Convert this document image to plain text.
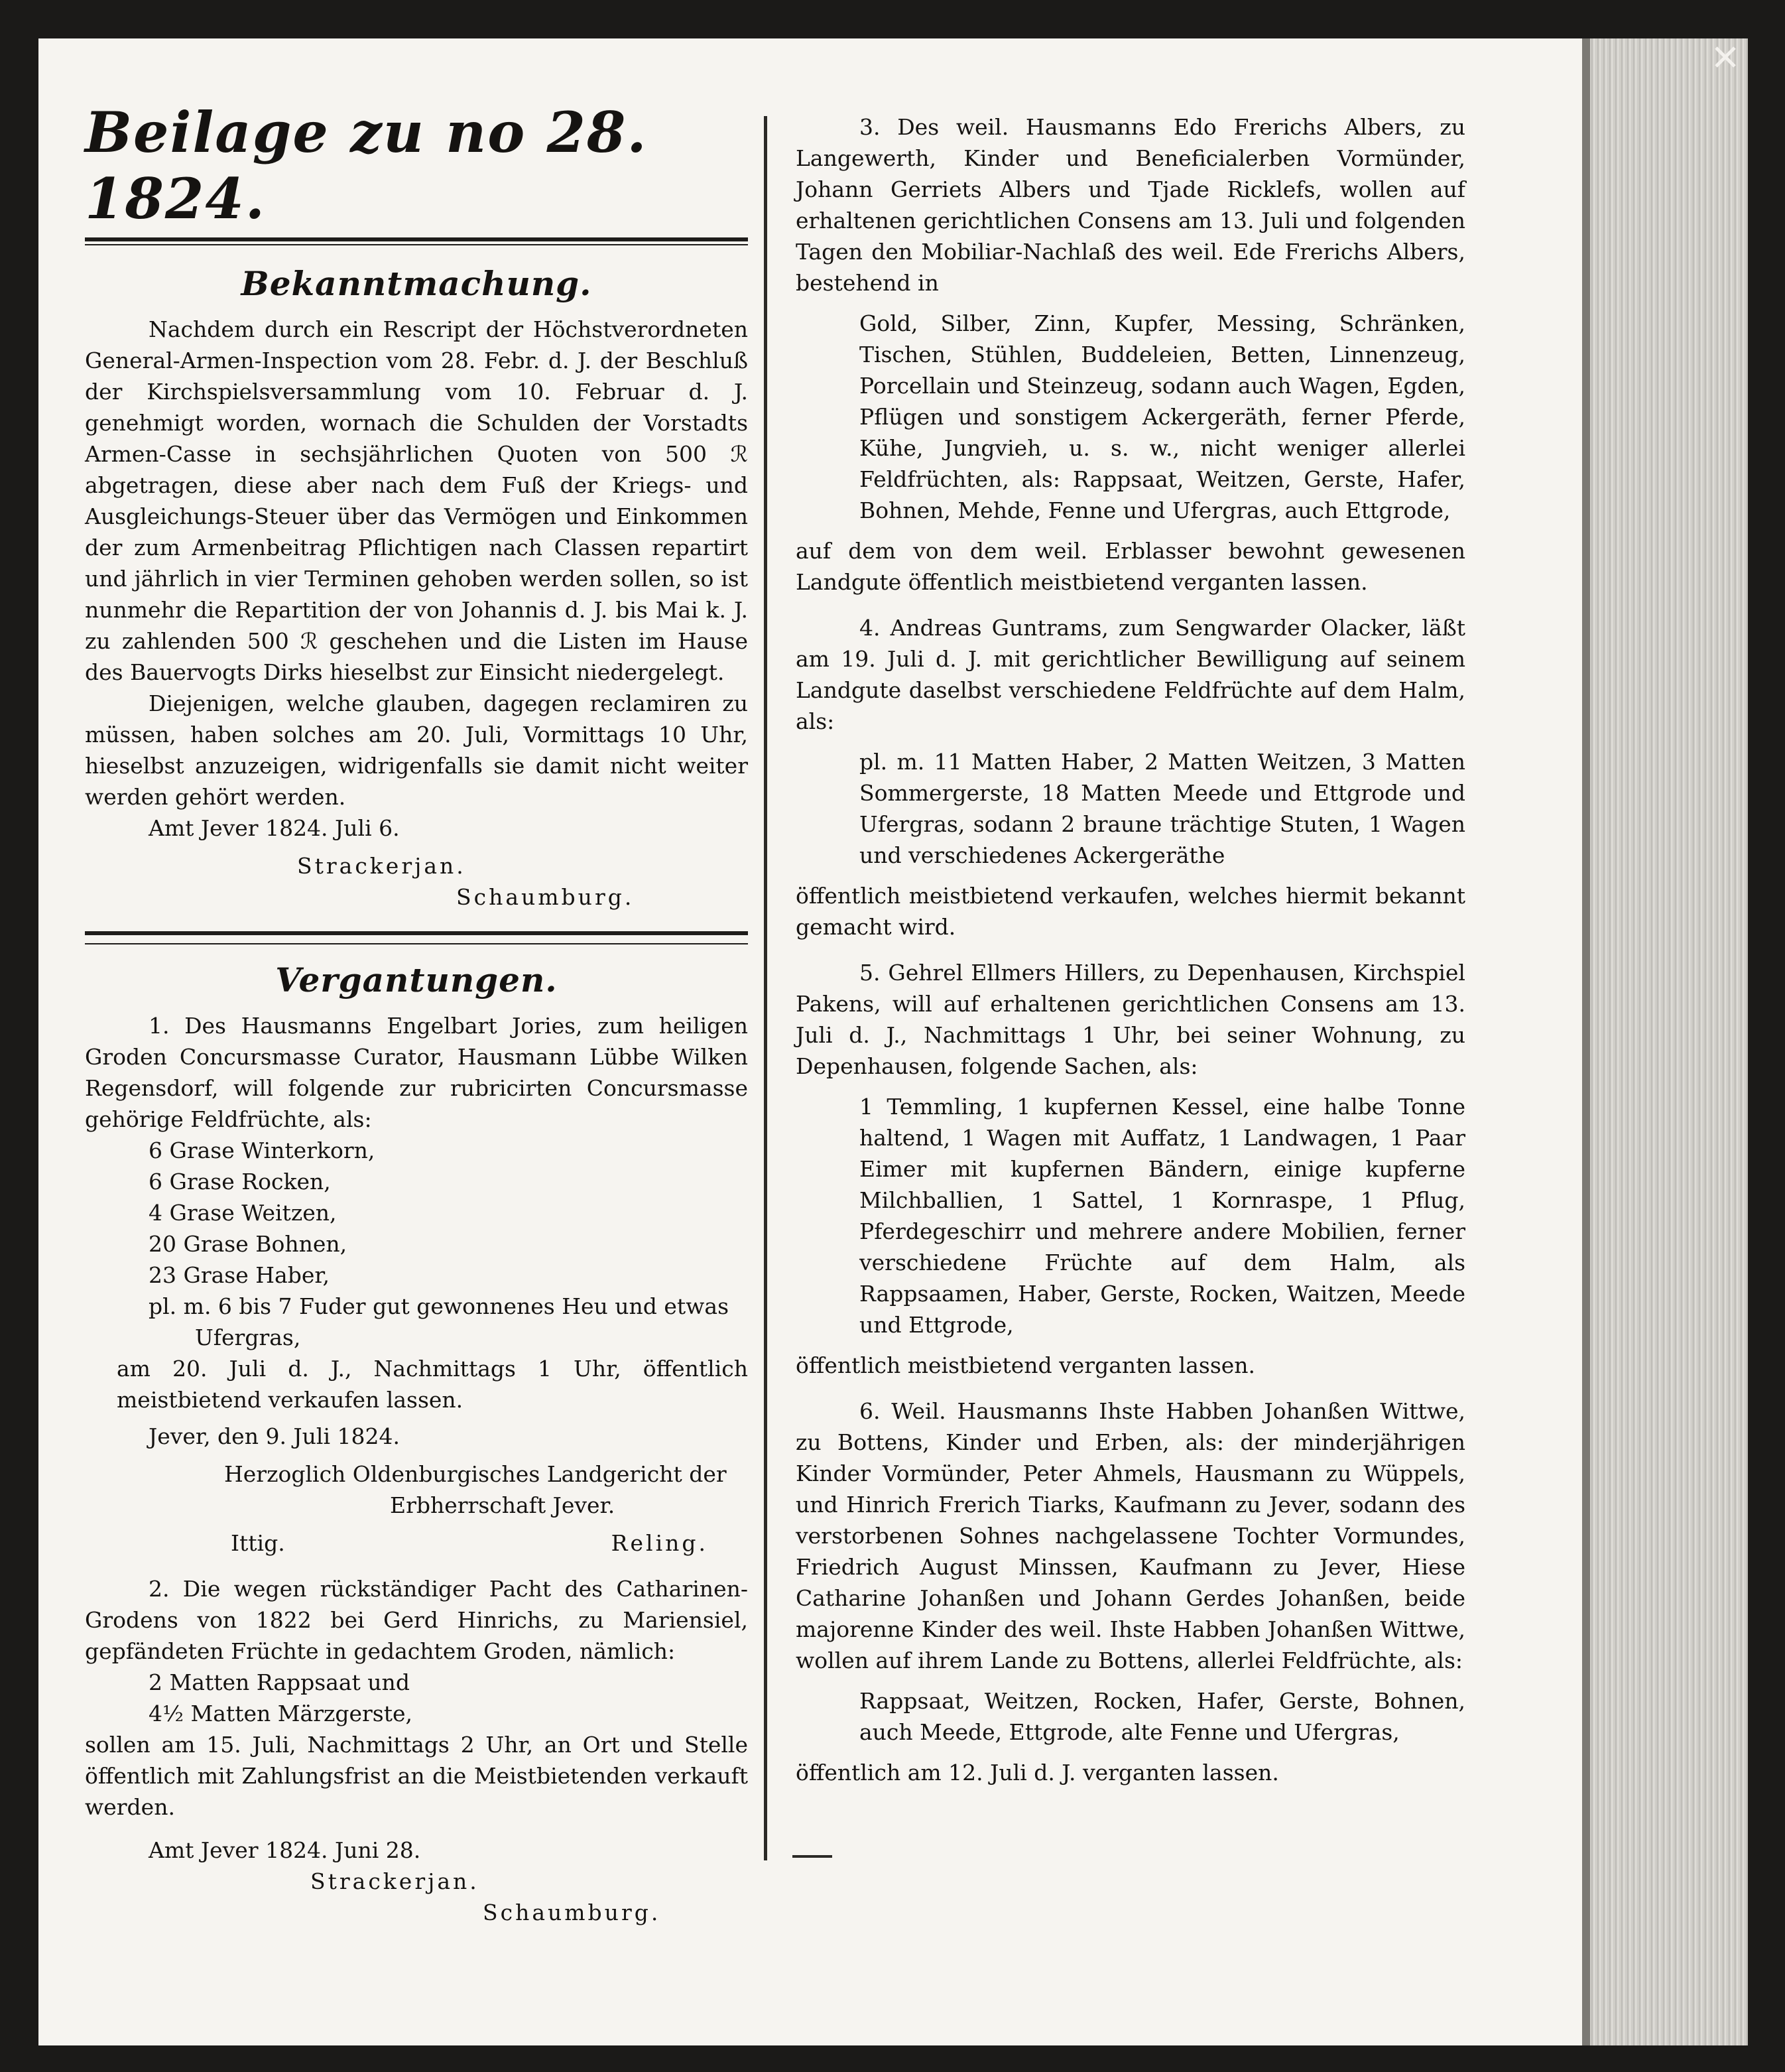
Beilage zu no 28. 1824.
Bekanntmachung.

Nachdem durch ein Rescript der Höchstverordneten General-Armen-Inspection vom 28. Febr. d. J. der Beschluß der Kirchspielsversammlung vom 10. Februar d. J. genehmigt worden, wornach die Schulden der Vorstadts Armen-Casse in sechsjährlichen Quoten von 500 ℛ abgetragen, diese aber nach dem Fuß der Kriegs- und Ausgleichungs-Steuer über das Vermögen und Einkommen der zum Armenbeitrag Pflichtigen nach Classen repartirt und jährlich in vier Terminen gehoben werden sollen, so ist nunmehr die Repartition der von Johannis d. J. bis Mai k. J. zu zahlenden 500 ℛ geschehen und die Listen im Hause des Bauervogts Dirks hieselbst zur Einsicht niedergelegt.

Diejenigen, welche glauben, dagegen reclamiren zu müssen, haben solches am 20. Juli, Vormittags 10 Uhr, hieselbst anzuzeigen, widrigenfalls sie damit nicht weiter werden gehört werden.

Amt Jever 1824. Juli 6.

Strackerjan.
Schaumburg.
Vergantungen.

1. Des Hausmanns Engelbart Jories, zum heiligen Groden Concursmasse Curator, Hausmann Lübbe Wilken Regensdorf, will folgende zur rubricirten Concursmasse gehörige Feldfrüchte, als:

6 Grase Winterkorn,
6 Grase Rocken,
4 Grase Weitzen,
20 Grase Bohnen,
23 Grase Haber,
pl. m. 6 bis 7 Fuder gut gewonnenes Heu und etwas Ufergras,

am 20. Juli d. J., Nachmittags 1 Uhr, öffentlich meistbietend verkaufen lassen.

Jever, den 9. Juli 1824.

Herzoglich Oldenburgisches Landgericht der
Erbherrschaft Jever.
Ittig.	Reling.

2. Die wegen rückständiger Pacht des Catharinen-Grodens von 1822 bei Gerd Hinrichs, zu Mariensiel, gepfändeten Früchte in gedachtem Groden, nämlich:

2 Matten Rappsaat und
4½ Matten Märzgerste,

sollen am 15. Juli, Nachmittags 2 Uhr, an Ort und Stelle öffentlich mit Zahlungsfrist an die Meistbietenden verkauft werden.

Amt Jever 1824. Juni 28.

Strackerjan.
Schaumburg.

3. Des weil. Hausmanns Edo Frerichs Albers, zu Langewerth, Kinder und Beneficialerben Vormünder, Johann Gerriets Albers und Tjade Ricklefs, wollen auf erhaltenen gerichtlichen Consens am 13. Juli und folgenden Tagen den Mobiliar-Nachlaß des weil. Ede Frerichs Albers, bestehend in

Gold, Silber, Zinn, Kupfer, Messing, Schränken, Tischen, Stühlen, Buddeleien, Betten, Linnenzeug, Porcellain und Steinzeug, sodann auch Wagen, Egden, Pflügen und sonstigem Ackergeräth, ferner Pferde, Kühe, Jungvieh, u. s. w., nicht weniger allerlei Feldfrüchten, als: Rappsaat, Weitzen, Gerste, Hafer, Bohnen, Mehde, Fenne und Ufergras, auch Ettgrode,

auf dem von dem weil. Erblasser bewohnt gewesenen Landgute öffentlich meistbietend verganten lassen.

4. Andreas Guntrams, zum Sengwarder Olacker, läßt am 19. Juli d. J. mit gerichtlicher Bewilligung auf seinem Landgute daselbst verschiedene Feldfrüchte auf dem Halm, als:

pl. m. 11 Matten Haber, 2 Matten Weitzen, 3 Matten Sommergerste, 18 Matten Meede und Ettgrode und Ufergras, sodann 2 braune trächtige Stuten, 1 Wagen und verschiedenes Ackergeräthe

öffentlich meistbietend verkaufen, welches hiermit bekannt gemacht wird.

5. Gehrel Ellmers Hillers, zu Depenhausen, Kirchspiel Pakens, will auf erhaltenen gerichtlichen Consens am 13. Juli d. J., Nachmittags 1 Uhr, bei seiner Wohnung, zu Depenhausen, folgende Sachen, als:

1 Temmling, 1 kupfernen Kessel, eine halbe Tonne haltend, 1 Wagen mit Auffatz, 1 Landwagen, 1 Paar Eimer mit kupfernen Bändern, einige kupferne Milchballien, 1 Sattel, 1 Kornraspe, 1 Pflug, Pferdegeschirr und mehrere andere Mobilien, ferner verschiedene Früchte auf dem Halm, als Rappsaamen, Haber, Gerste, Rocken, Waitzen, Meede und Ettgrode,

öffentlich meistbietend verganten lassen.

6. Weil. Hausmanns Ihste Habben Johanßen Wittwe, zu Bottens, Kinder und Erben, als: der minderjährigen Kinder Vormünder, Peter Ahmels, Hausmann zu Wüppels, und Hinrich Frerich Tiarks, Kaufmann zu Jever, sodann des verstorbenen Sohnes nachgelassene Tochter Vormundes, Friedrich August Minssen, Kaufmann zu Jever, Hiese Catharine Johanßen und Johann Gerdes Johanßen, beide majorenne Kinder des weil. Ihste Habben Johanßen Wittwe, wollen auf ihrem Lande zu Bottens, allerlei Feldfrüchte, als:

Rappsaat, Weitzen, Rocken, Hafer, Gerste, Bohnen, auch Meede, Ettgrode, alte Fenne und Ufergras,

öffentlich am 12. Juli d. J. verganten lassen.
